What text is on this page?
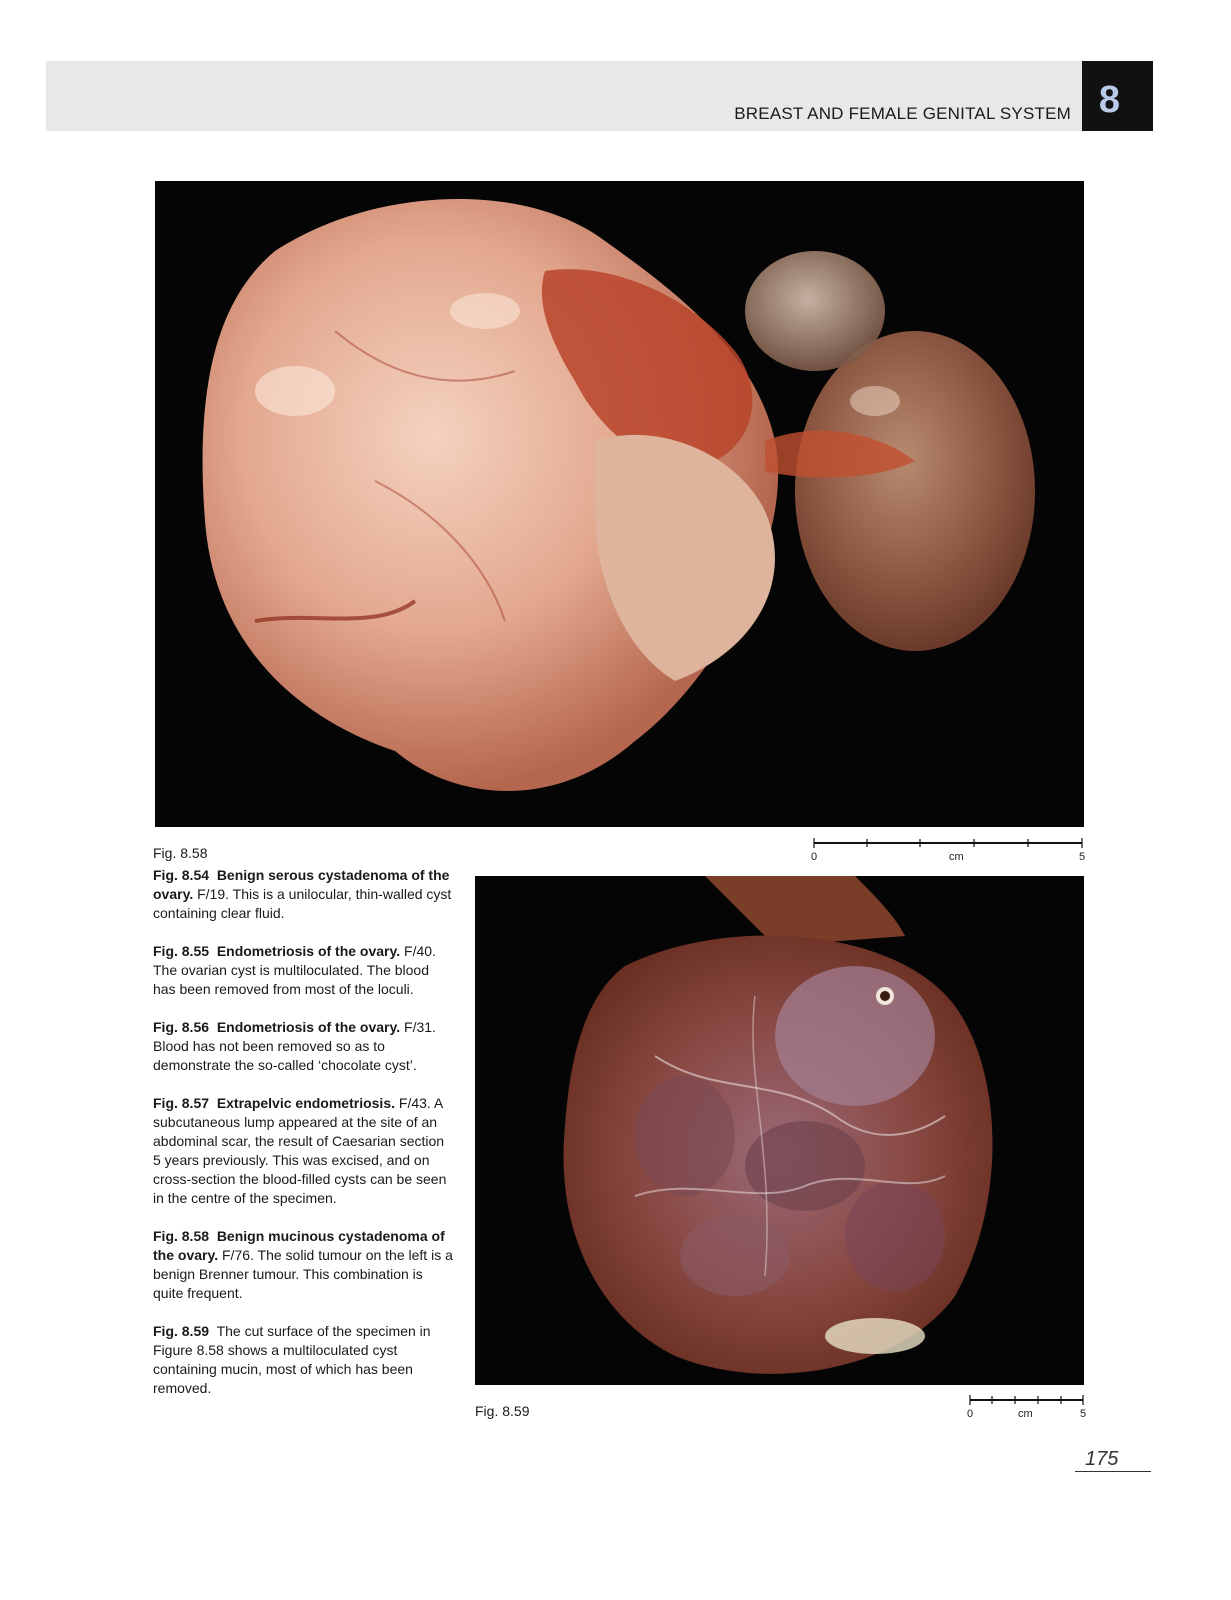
BREAST AND FEMALE GENITAL SYSTEM 8
Fig. 8.58	0	cm	5
Fig. 8.59	0	cm	5

Fig. 8.54 Benign serous cystadenoma of the ovary. F/19. This is a unilocular, thin-walled cyst containing clear fluid.

Fig. 8.55 Endometriosis of the ovary. F/40. The ovarian cyst is multiloculated. The blood has been removed from most of the loculi.

Fig. 8.56 Endometriosis of the ovary. F/31. Blood has not been removed so as to demonstrate the so-called ‘chocolate cyst’.

Fig. 8.57 Extrapelvic endometriosis. F/43. A subcutaneous lump appeared at the site of an abdominal scar, the result of Caesarian section 5 years previously. This was excised, and on cross-section the blood-filled cysts can be seen in the centre of the specimen.

Fig. 8.58 Benign mucinous cystadenoma of the ovary. F/76. The solid tumour on the left is a benign Brenner tumour. This combination is quite frequent.

Fig. 8.59 The cut surface of the specimen in Figure 8.58 shows a multiloculated cyst containing mucin, most of which has been removed.

175
